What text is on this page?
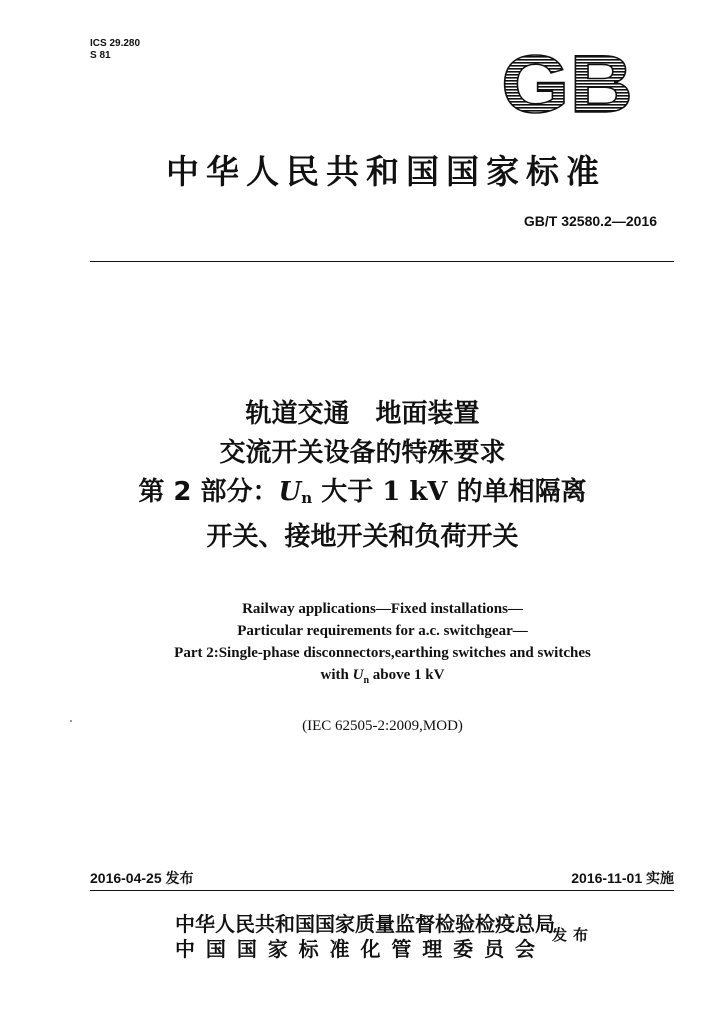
ICS 29.280
S 81	GB
中华人民共和国国家标准
GB/T 32580.2—2016
轨道交通　地面装置
交流开关设备的特殊要求
第 2 部分：$U_n$ 大于 1 kV 的单相隔离
开关、接地开关和负荷开关
Railway applications—Fixed installations—
Particular requirements for a.c. switchgear—
Part 2:Single-phase disconnectors,earthing switches and switches
with $U_n$ above 1 kV
(IEC 62505-2:2009,MOD)
2016-04-25 发布	2016-11-01 实施
中华人民共和国国家质量监督检验检疫总局
中国国家标准化管理委员会
发布
